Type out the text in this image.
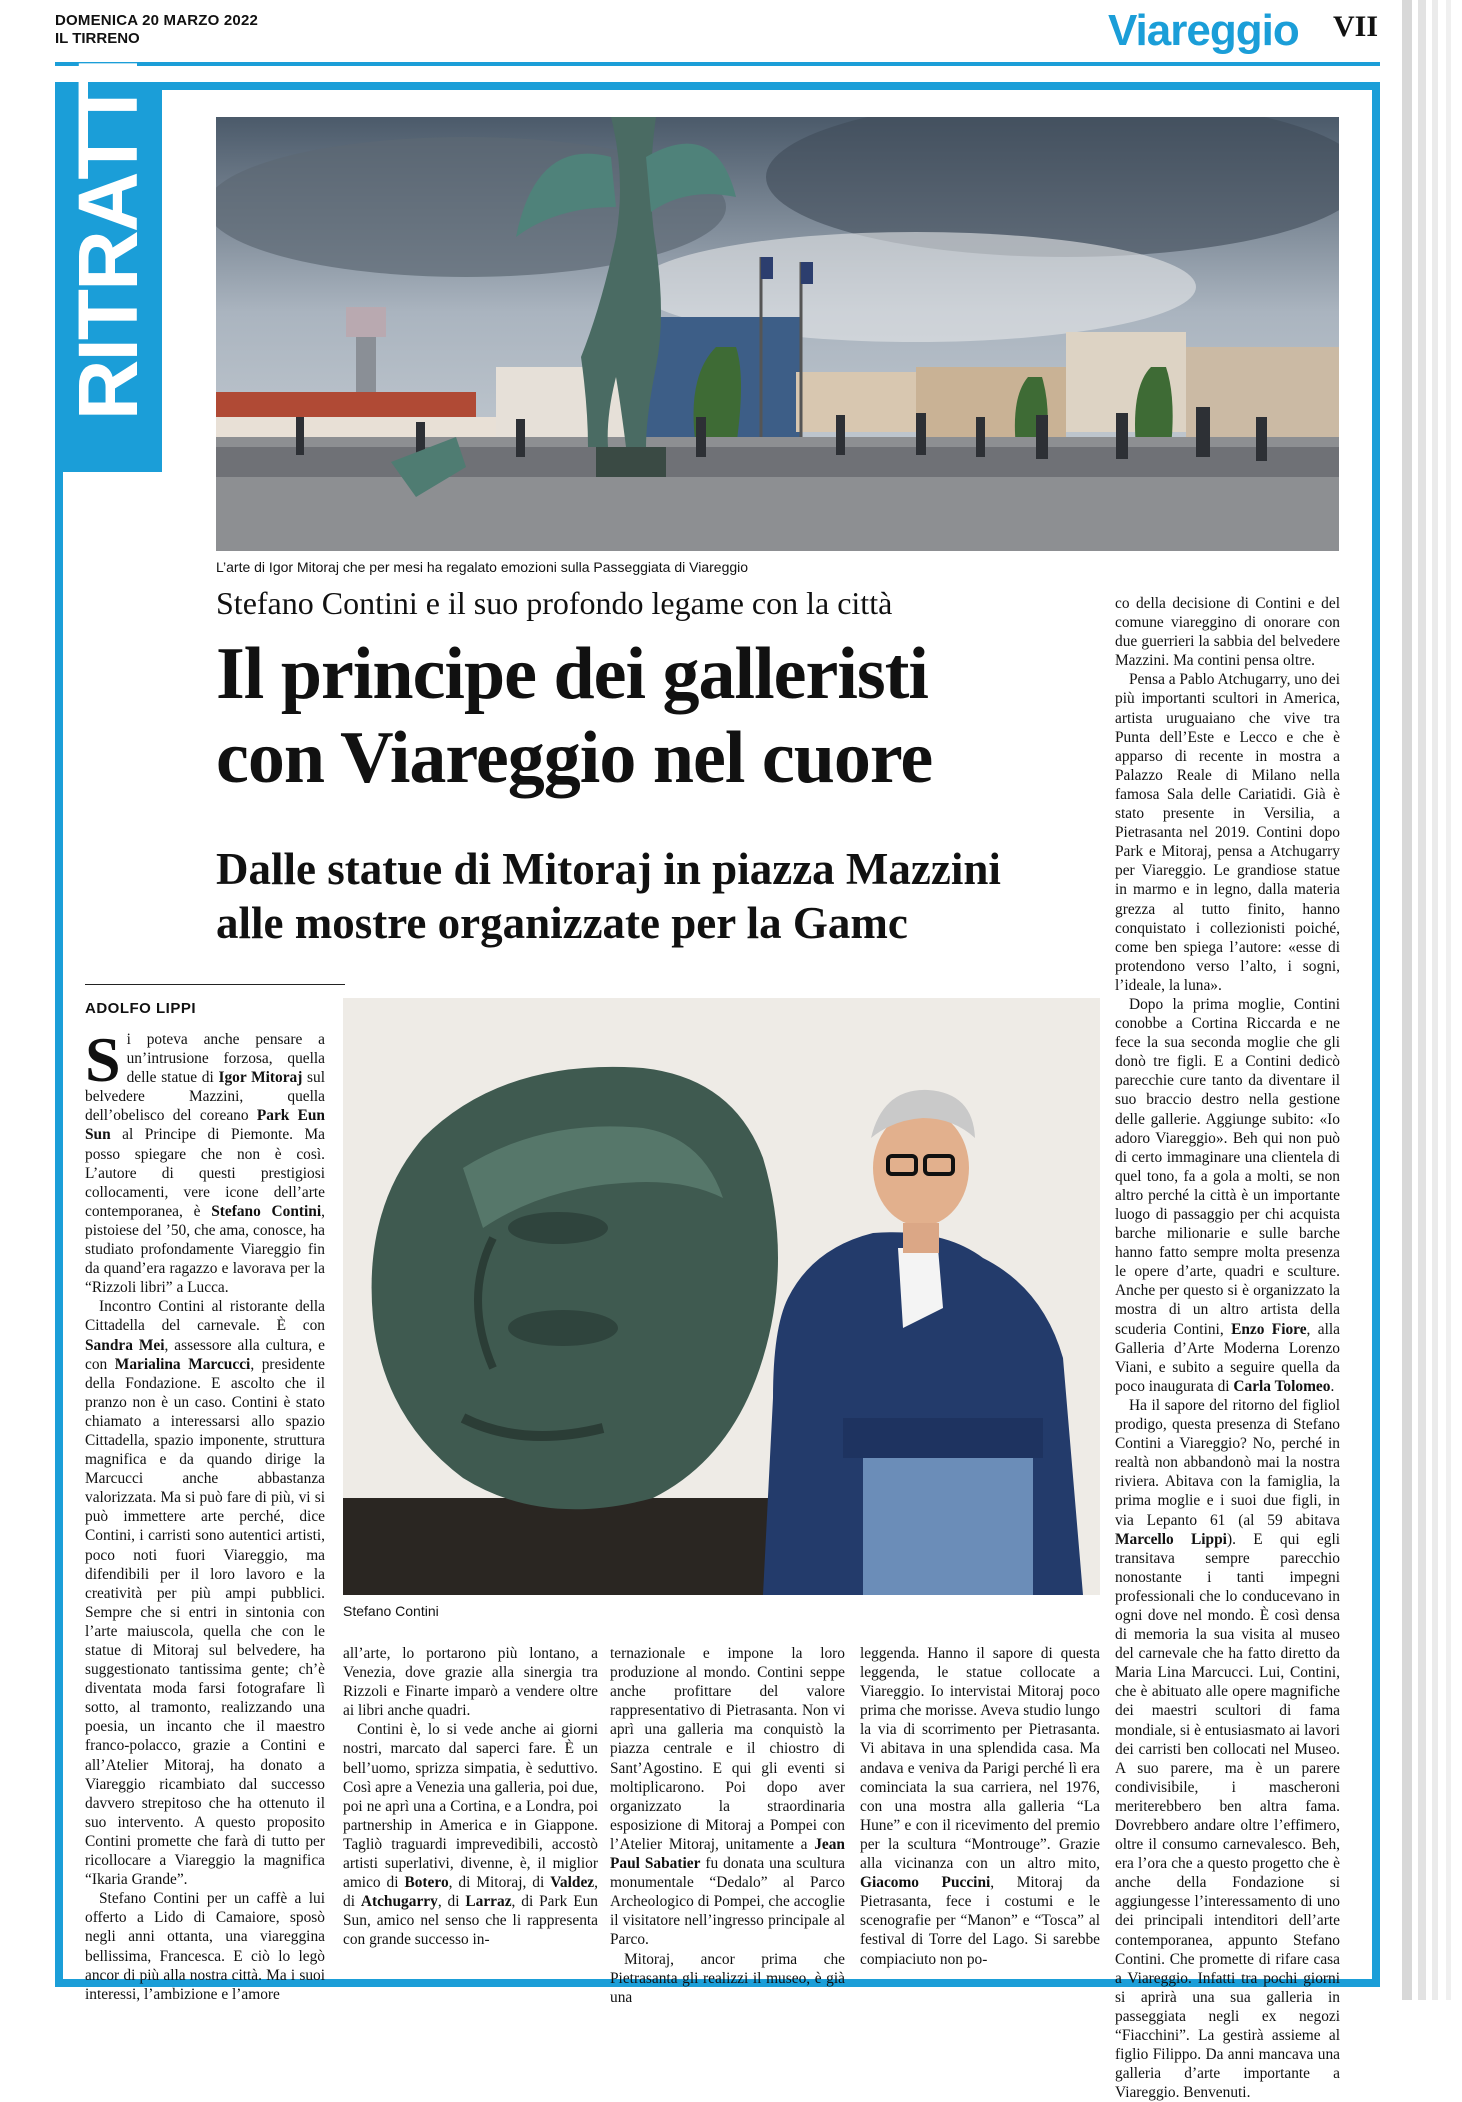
DOMENICA 20 MARZO 2022
IL TIRRENO	Viareggio VII
RITRATTI
L’arte di Igor Mitoraj che per mesi ha regalato emozioni sulla Passeggiata di Viareggio
Stefano Contini e il suo profondo legame con la città
Il principe dei galleristi
con Viareggio nel cuore
Dalle statue di Mitoraj in piazza Mazzini
alle mostre organizzate per la Gamc
ADOLFO LIPPI

Si poteva anche pensare a un’intrusione forzosa, quella delle statue di Igor Mitoraj sul belvedere Mazzini, quella dell’obelisco del coreano Park Eun Sun al Principe di Piemonte. Ma posso spiegare che non è così. L’autore di questi prestigiosi collocamenti, vere icone dell’arte contemporanea, è Stefano Contini, pistoiese del ’50, che ama, conosce, ha studiato profondamente Viareggio fin da quand’era ragazzo e lavorava per la “Rizzoli libri” a Lucca.

Incontro Contini al ristorante della Cittadella del carnevale. È con Sandra Mei, assessore alla cultura, e con Marialina Marcucci, presidente della Fondazione. E ascolto che il pranzo non è un caso. Contini è stato chiamato a interessarsi allo spazio Cittadella, spazio imponente, struttura magnifica e da quando dirige la Marcucci anche abbastanza valorizzata. Ma si può fare di più, vi si può immettere arte perché, dice Contini, i carristi sono autentici artisti, poco noti fuori Viareggio, ma difendibili per il loro lavoro e la creatività per più ampi pubblici. Sempre che si entri in sintonia con l’arte maiuscola, quella che con le statue di Mitoraj sul belvedere, ha suggestionato tantissima gente; ch’è diventata moda farsi fotografare lì sotto, al tramonto, realizzando una poesia, un incanto che il maestro franco-polacco, grazie a Contini e all’Atelier Mitoraj, ha donato a Viareggio ricambiato dal successo davvero strepitoso che ha ottenuto il suo intervento. A questo proposito Contini promette che farà di tutto per ricollocare a Viareggio la magnifica “Ikaria Grande”.

Stefano Contini per un caffè a lui offerto a Lido di Camaiore, sposò negli anni ottanta, una viareggina bellissima, Francesca. E ciò lo legò ancor di più alla nostra città. Ma i suoi interessi, l’ambizione e l’amore

Stefano Contini

all’arte, lo portarono più lontano, a Venezia, dove grazie alla sinergia tra Rizzoli e Finarte imparò a vendere oltre ai libri anche quadri.

Contini è, lo si vede anche ai giorni nostri, marcato dal saperci fare. È un bell’uomo, sprizza simpatia, è seduttivo. Così apre a Venezia una galleria, poi due, poi ne aprì una a Cortina, e a Londra, poi partnership in America e in Giappone. Tagliò traguardi imprevedibili, accostò artisti superlativi, divenne, è, il miglior amico di Botero, di Mitoraj, di Valdez, di Atchugarry, di Larraz, di Park Eun Sun, amico nel senso che li rappresenta con grande successo in-

ternazionale e impone la loro produzione al mondo. Contini seppe anche profittare del valore rappresentativo di Pietrasanta. Non vi aprì una galleria ma conquistò la piazza centrale e il chiostro di Sant’Agostino. E qui gli eventi si moltiplicarono. Poi dopo aver organizzato la straordinaria esposizione di Mitoraj a Pompei con l’Atelier Mitoraj, unitamente a Jean Paul Sabatier fu donata una scultura monumentale “Dedalo” al Parco Archeologico di Pompei, che accoglie il visitatore nell’ingresso principale al Parco.

Mitoraj, ancor prima che Pietrasanta gli realizzi il museo, è già una

leggenda. Hanno il sapore di questa leggenda, le statue collocate a Viareggio. Io intervistai Mitoraj poco prima che morisse. Aveva studio lungo la via di scorrimento per Pietrasanta. Vi abitava in una splendida casa. Ma andava e veniva da Parigi perché lì era cominciata la sua carriera, nel 1976, con una mostra alla galleria “La Hune” e con il ricevimento del premio per la scultura “Montrouge”. Grazie alla vicinanza con un altro mito, Giacomo Puccini, Mitoraj da Pietrasanta, fece i costumi e le scenografie per “Manon” e “Tosca” al festival di Torre del Lago. Si sarebbe compiaciuto non po-

co della decisione di Contini e del comune viareggino di onorare con due guerrieri la sabbia del belvedere Mazzini. Ma contini pensa oltre.

Pensa a Pablo Atchugarry, uno dei più importanti scultori in America, artista uruguaiano che vive tra Punta dell’Este e Lecco e che è apparso di recente in mostra a Palazzo Reale di Milano nella famosa Sala delle Cariatidi. Già è stato presente in Versilia, a Pietrasanta nel 2019. Contini dopo Park e Mitoraj, pensa a Atchugarry per Viareggio. Le grandiose statue in marmo e in legno, dalla materia grezza al tutto finito, hanno conquistato i collezionisti poiché, come ben spiega l’autore: «esse di protendono verso l’alto, i sogni, l’ideale, la luna».

Dopo la prima moglie, Contini conobbe a Cortina Riccarda e ne fece la sua seconda moglie che gli donò tre figli. E a Contini dedicò parecchie cure tanto da diventare il suo braccio destro nella gestione delle gallerie. Aggiunge subito: «Io adoro Viareggio». Beh qui non può di certo immaginare una clientela di quel tono, fa a gola a molti, se non altro perché la città è un importante luogo di passaggio per chi acquista barche milionarie e sulle barche hanno fatto sempre molta presenza le opere d’arte, quadri e sculture. Anche per questo si è organizzato la mostra di un altro artista della scuderia Contini, Enzo Fiore, alla Galleria d’Arte Moderna Lorenzo Viani, e subito a seguire quella da poco inaugurata di Carla Tolomeo.

Ha il sapore del ritorno del figliol prodigo, questa presenza di Stefano Contini a Viareggio? No, perché in realtà non abbandonò mai la nostra riviera. Abitava con la famiglia, la prima moglie e i suoi due figli, in via Lepanto 61 (al 59 abitava Marcello Lippi). E qui egli transitava sempre parecchio nonostante i tanti impegni professionali che lo conducevano in ogni dove nel mondo. È così densa di memoria la sua visita al museo del carnevale che ha fatto diretto da Maria Lina Marcucci. Lui, Contini, che è abituato alle opere magnifiche dei maestri scultori di fama mondiale, si è entusiasmato ai lavori dei carristi ben collocati nel Museo. A suo parere, ma è un parere condivisibile, i mascheroni meriterebbero ben altra fama. Dovrebbero andare oltre l’effimero, oltre il consumo carnevalesco. Beh, era l’ora che a questo progetto che è anche della Fondazione si aggiungesse l’interessamento di uno dei principali intenditori dell’arte contemporanea, appunto Stefano Contini. Che promette di rifare casa a Viareggio. Infatti tra pochi giorni si aprirà una sua galleria in passeggiata negli ex negozi “Fiacchini”. La gestirà assieme al figlio Filippo. Da anni mancava una galleria d’arte importante a Viareggio. Benvenuti.
